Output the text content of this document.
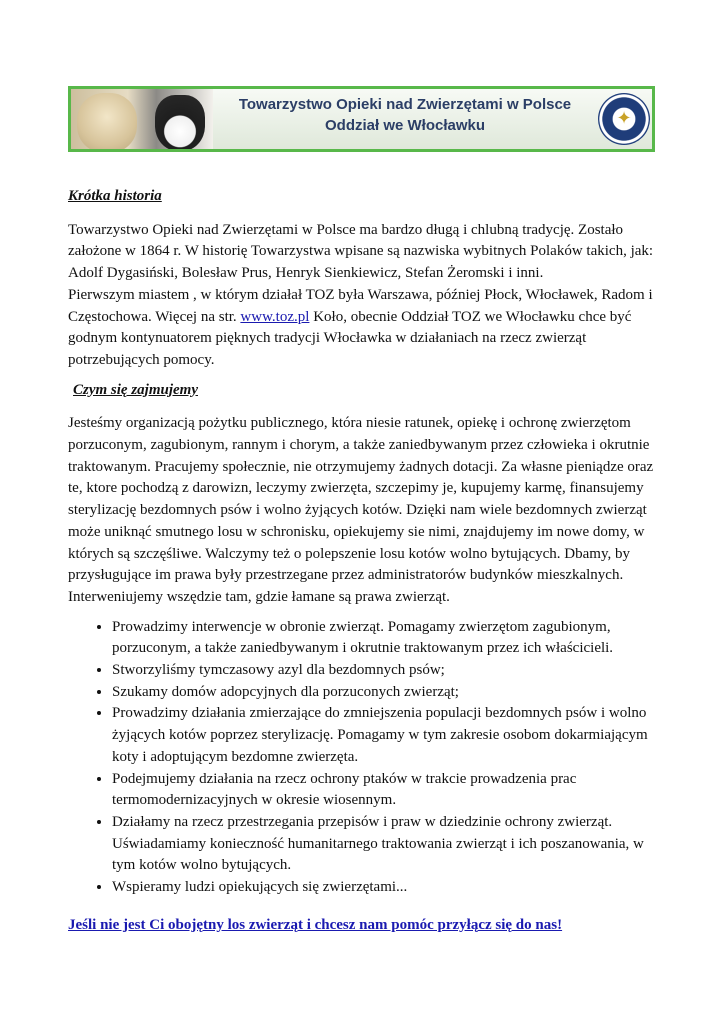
Towarzystwo Opieki nad Zwierzętami w Polsce
Oddział we Włocławku	✦

Krótka historia

Towarzystwo Opieki nad Zwierzętami w Polsce ma bardzo długą i chlubną tradycję. Zostało założone w 1864 r. W historię Towarzystwa wpisane są nazwiska wybitnych Polaków takich, jak: Adolf Dygasiński, Bolesław Prus, Henryk Sienkiewicz, Stefan Żeromski i inni.

Pierwszym miastem , w którym działał TOZ była Warszawa, później Płock, Włocławek, Radom i Częstochowa. Więcej na str. www.toz.pl Koło, obecnie Oddział TOZ we Włocławku chce być godnym kontynuatorem pięknych tradycji Włocławka w działaniach na rzecz zwierząt potrzebujących pomocy.

Czym się zajmujemy

Jesteśmy organizacją pożytku publicznego, która niesie ratunek, opiekę i ochronę zwierzętom porzuconym, zagubionym, rannym i chorym, a także zaniedbywanym przez człowieka i okrutnie traktowanym. Pracujemy społecznie, nie otrzymujemy żadnych dotacji. Za własne pieniądze oraz te, ktore pochodzą z darowizn, leczymy zwierzęta, szczepimy je, kupujemy karmę, finansujemy sterylizację bezdomnych psów i wolno żyjących kotów. Dzięki nam wiele bezdomnych zwierząt może uniknąć smutnego losu w schronisku, opiekujemy sie nimi, znajdujemy im nowe domy, w których są szczęśliwe. Walczymy też o polepszenie losu kotów wolno bytujących. Dbamy, by przysługujące im prawa były przestrzegane przez administratorów budynków mieszkalnych. Interweniujemy wszędzie tam, gdzie łamane są prawa zwierząt.

• Prowadzimy interwencje w obronie zwierząt. Pomagamy zwierzętom zagubionym, porzuconym, a także zaniedbywanym i okrutnie traktowanym przez ich właścicieli.
• Stworzyliśmy tymczasowy azyl dla bezdomnych psów;
• Szukamy domów adopcyjnych dla porzuconych zwierząt;
• Prowadzimy działania zmierzające do zmniejszenia populacji bezdomnych psów i wolno żyjących kotów poprzez sterylizację. Pomagamy w tym zakresie osobom dokarmiającym koty i adoptującym bezdomne zwierzęta.
• Podejmujemy działania na rzecz ochrony ptaków w trakcie prowadzenia prac termomodernizacyjnych w okresie wiosennym.
• Działamy na rzecz przestrzegania przepisów i praw w dziedzinie ochrony zwierząt. Uświadamiamy konieczność humanitarnego traktowania zwierząt i ich poszanowania, w tym kotów wolno bytujących.
• Wspieramy ludzi opiekujących się zwierzętami...

Jeśli nie jest Ci obojętny los zwierząt i chcesz nam pomóc przyłącz się do nas!
